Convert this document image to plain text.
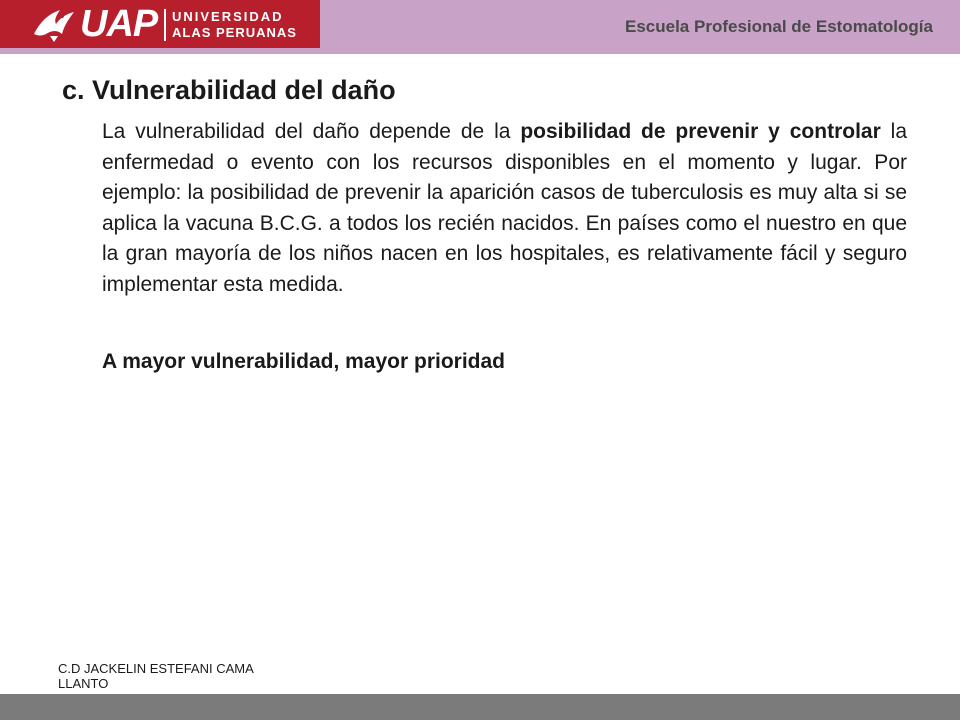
UAP UNIVERSIDAD
ALAS PERUANAS	Escuela Profesional de Estomatología
c. Vulnerabilidad del daño

La vulnerabilidad del daño depende de la posibilidad de prevenir y controlar la enfermedad o evento con los recursos disponibles en el momento y lugar. Por ejemplo: la posibilidad de prevenir la aparición casos de tuberculosis es muy alta si se aplica la vacuna B.C.G. a todos los recién nacidos. En países como el nuestro en que la gran mayoría de los niños nacen en los hospitales, es relativamente fácil y seguro implementar esta medida.

A mayor vulnerabilidad, mayor prioridad

C.D JACKELIN ESTEFANI CAMA LLANTO
